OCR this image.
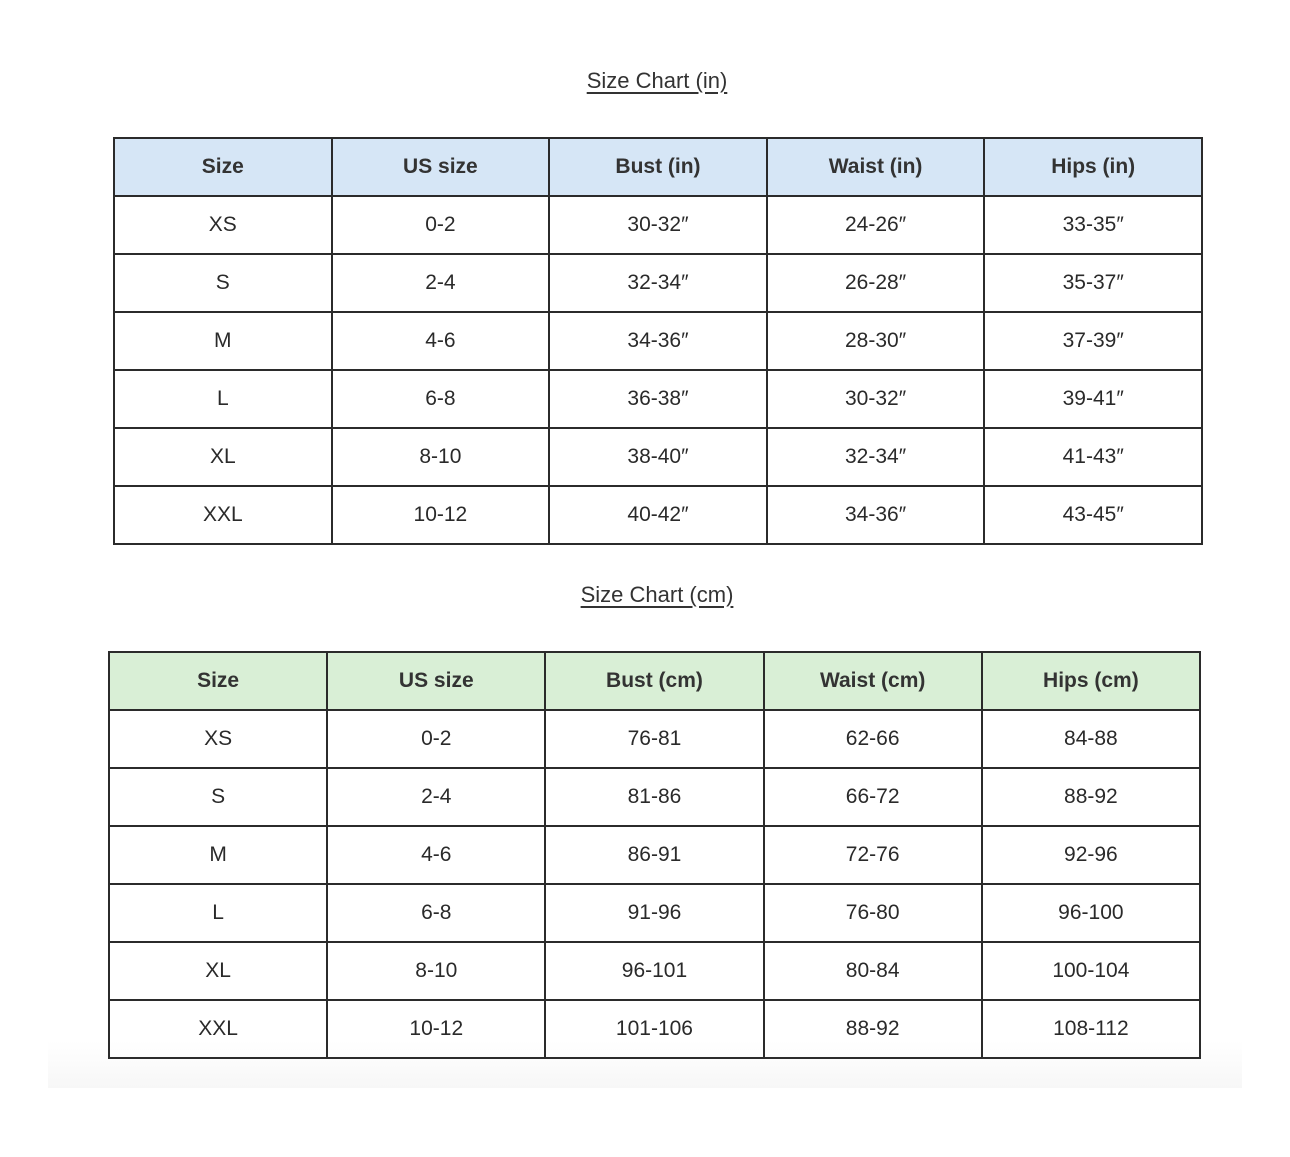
Size Chart (in)
Size	US size	Bust (in)	Waist (in)	Hips (in)
XS	0-2	30-32″	24-26″	33-35″
S	2-4	32-34″	26-28″	35-37″
M	4-6	34-36″	28-30″	37-39″
L	6-8	36-38″	30-32″	39-41″
XL	8-10	38-40″	32-34″	41-43″
XXL	10-12	40-42″	34-36″	43-45″
Size Chart (cm)
Size	US size	Bust (cm)	Waist (cm)	Hips (cm)
XS	0-2	76-81	62-66	84-88
S	2-4	81-86	66-72	88-92
M	4-6	86-91	72-76	92-96
L	6-8	91-96	76-80	96-100
XL	8-10	96-101	80-84	100-104
XXL	10-12	101-106	88-92	108-112
